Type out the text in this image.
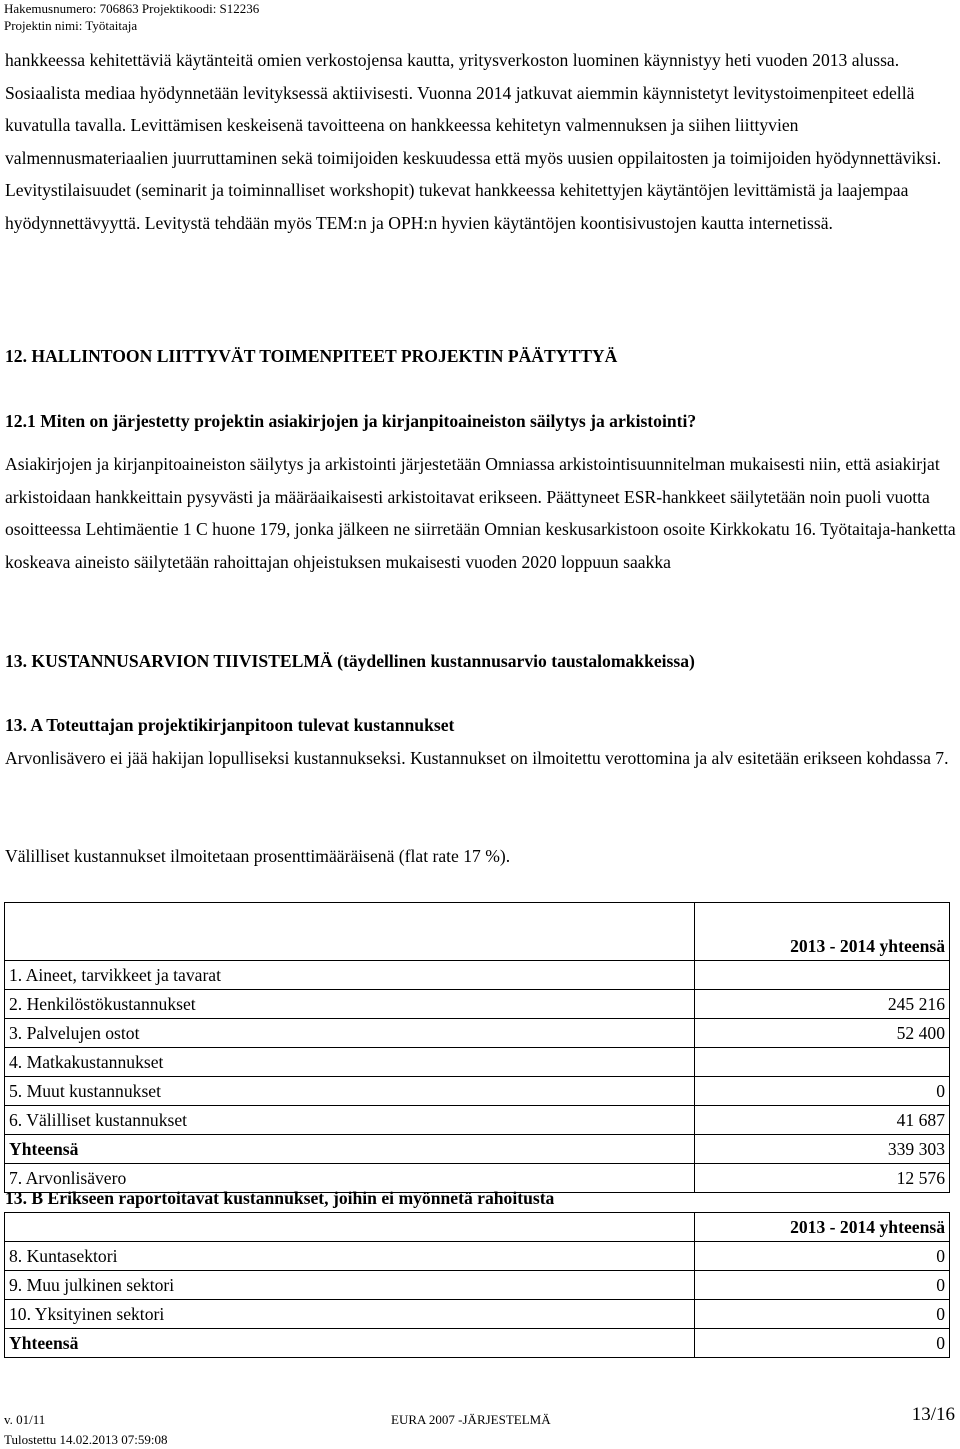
Hakemusnumero: 706863 Projektikoodi: S12236
Projektin nimi: Työtaitaja
hankkeessa kehitettäviä käytänteitä omien verkostojensa kautta, yritysverkoston luominen käynnistyy heti vuoden 2013 alussa. Sosiaalista mediaa hyödynnetään levityksessä aktiivisesti. Vuonna 2014 jatkuvat aiemmin käynnistetyt levitystoimenpiteet edellä kuvatulla tavalla. Levittämisen keskeisenä tavoitteena on hankkeessa kehitetyn valmennuksen ja siihen liittyvien valmennusmateriaalien juurruttaminen sekä toimijoiden keskuudessa että myös uusien oppilaitosten ja toimijoiden hyödynnettäviksi. Levitystilaisuudet (seminarit ja toiminnalliset workshopit) tukevat hankkeessa kehitettyjen käytäntöjen levittämistä ja laajempaa hyödynnettävyyttä. Levitystä tehdään myös TEM:n ja OPH:n hyvien käytäntöjen koontisivustojen kautta internetissä.
12. HALLINTOON LIITTYVÄT TOIMENPITEET PROJEKTIN PÄÄTYTTYÄ
12.1 Miten on järjestetty projektin asiakirjojen ja kirjanpitoaineiston säilytys ja arkistointi?
Asiakirjojen ja kirjanpitoaineiston säilytys ja arkistointi järjestetään Omniassa arkistointisuunnitelman mukaisesti niin, että asiakirjat arkistoidaan hankkeittain pysyvästi ja määräaikaisesti arkistoitavat erikseen. Päättyneet ESR-hankkeet säilytetään noin puoli vuotta osoitteessa Lehtimäentie 1 C huone 179, jonka jälkeen ne siirretään Omnian keskusarkistoon osoite Kirkkokatu 16. Työtaitaja-hanketta koskeava aineisto säilytetään rahoittajan ohjeistuksen mukaisesti vuoden 2020 loppuun saakka
13. KUSTANNUSARVION TIIVISTELMÄ (täydellinen kustannusarvio taustalomakkeissa)
13. A Toteuttajan projektikirjanpitoon tulevat kustannukset
Arvonlisävero ei jää hakijan lopulliseksi kustannukseksi. Kustannukset on ilmoitettu verottomina ja alv esitetään erikseen kohdassa 7.
Välilliset kustannukset ilmoitetaan prosenttimääräisenä (flat rate 17 %).
	2013 - 2014 yhteensä
1. Aineet, tarvikkeet ja tavarat	
2. Henkilöstökustannukset	245 216
3. Palvelujen ostot	52 400
4. Matkakustannukset	
5. Muut kustannukset	0
6. Välilliset kustannukset	41 687
Yhteensä	339 303
7. Arvonlisävero	12 576
13. B Erikseen raportoitavat kustannukset, joihin ei myönnetä rahoitusta
	2013 - 2014 yhteensä
8. Kuntasektori	0
9. Muu julkinen sektori	0
10. Yksityinen sektori	0
Yhteensä	0
v. 01/11	EURA 2007 -JÄRJESTELMÄ	13/16
Tulostettu 14.02.2013 07:59:08
